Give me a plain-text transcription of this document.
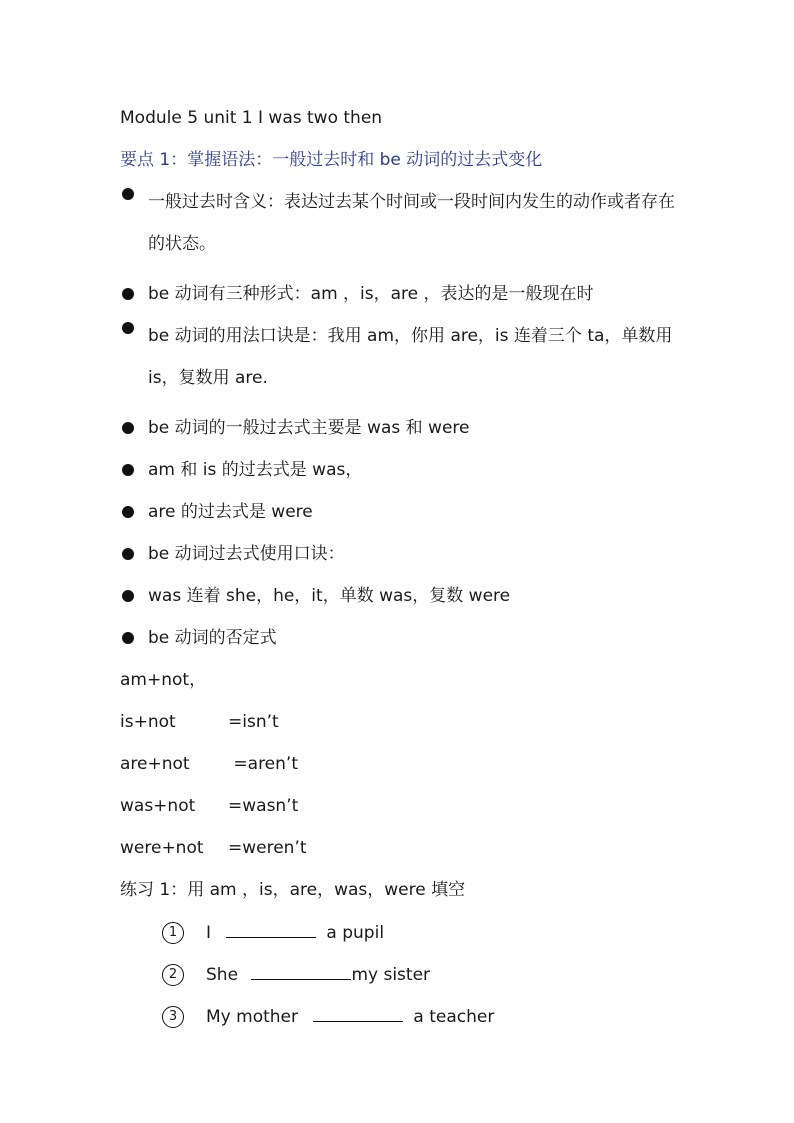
Module 5 unit 1 I was two then
要点 1：掌握语法：一般过去时和 be 动词的过去式变化
一般过去时含义：表达过去某个时间或一段时间内发生的动作或者存在的状态。
be 动词有三种形式：am ，is，are ，表达的是一般现在时
be 动词的用法口诀是：我用 am，你用 are，is 连着三个 ta，单数用 is，复数用 are.
be 动词的一般过去式主要是 was 和 were
am 和 is 的过去式是 was，
are 的过去式是 were
be 动词过去式使用口诀：
was 连着 she，he，it，单数 was，复数 were
be 动词的否定式
am+not，
is+not	=isn’t
are+not =aren’t
was+not =wasn’t
were+not =weren’t
练习 1：用 am ，is，are，was，were 填空
1 I	a pupil
2 She	my sister
3 My mother	a teacher
